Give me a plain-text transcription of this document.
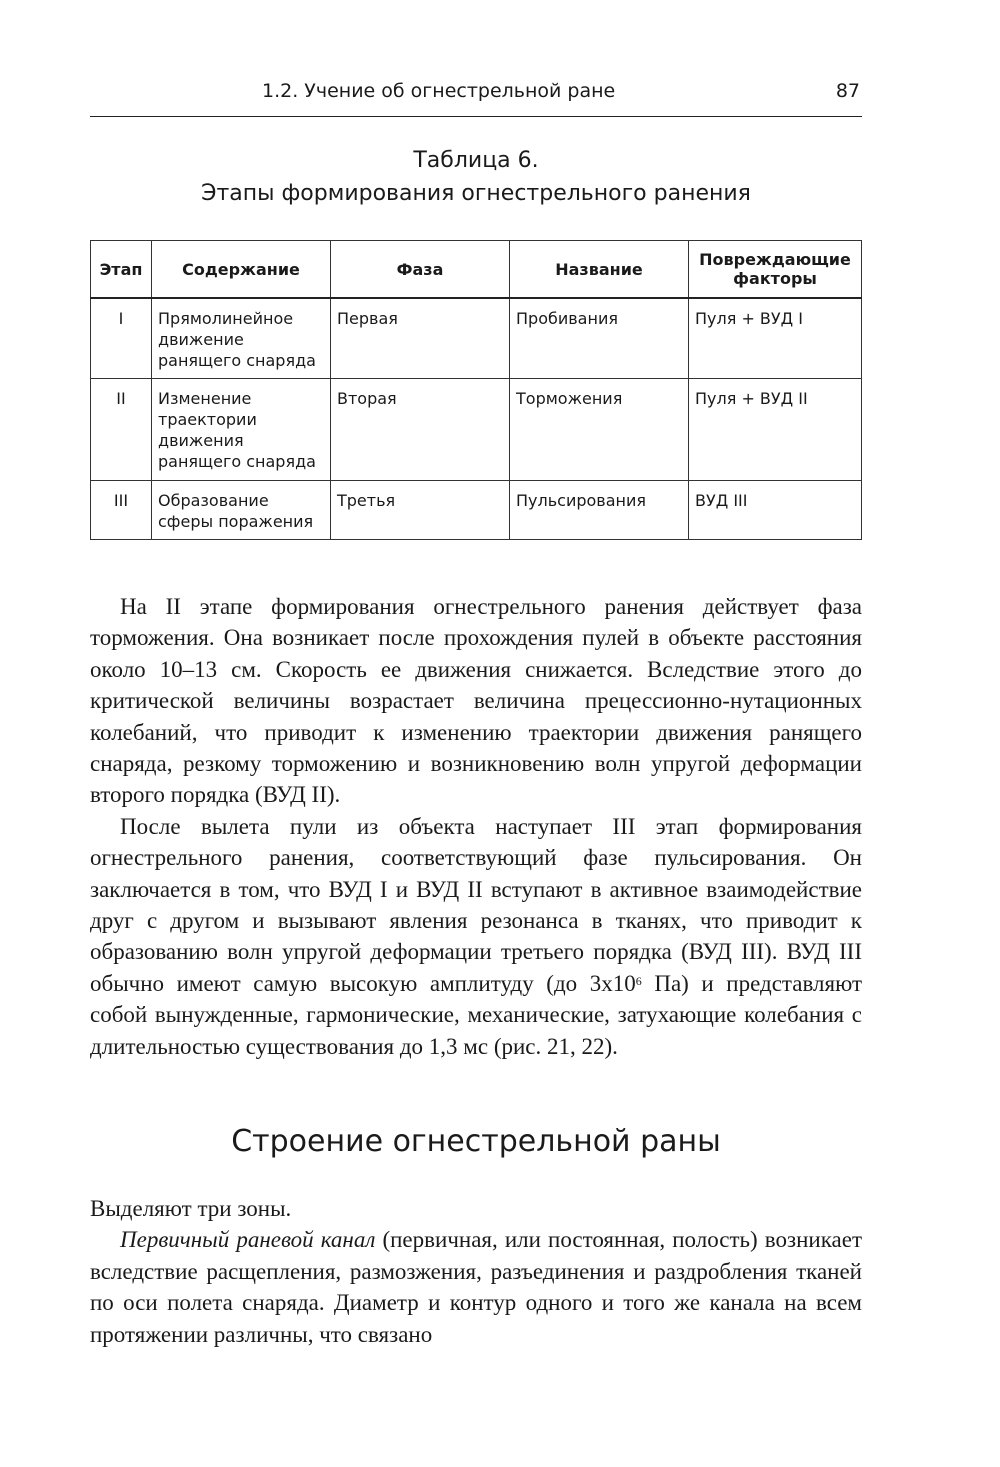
1.2. Учение об огнестрельной ране	87
Таблица 6.
Этапы формирования огнестрельного ранения
Этап	Содержание	Фаза	Название	Повреждающие факторы
I	Прямолинейное движение ранящего снаряда	Первая	Пробивания	Пуля + ВУД I
II	Изменение траектории движения ранящего снаряда	Вторая	Торможения	Пуля + ВУД II
III	Образование сферы поражения	Третья	Пульсирования	ВУД III

На II этапе формирования огнестрельного ранения действует фаза торможения. Она возникает после прохождения пулей в объекте расстояния около 10–13 см. Скорость ее движения снижается. Вследствие этого до критической величины возрастает величина прецессионно-нутационных колебаний, что приводит к изменению траектории движения ранящего снаряда, резкому торможению и возникновению волн упругой деформации второго порядка (ВУД II).

После вылета пули из объекта наступает III этап формирования огнестрельного ранения, соответствующий фазе пульсирования. Он заключается в том, что ВУД I и ВУД II вступают в активное взаимодействие друг с другом и вызывают явления резонанса в тканях, что приводит к образованию волн упругой деформации третьего порядка (ВУД III). ВУД III обычно имеют самую высокую амплитуду (до $3х10^6$ Па) и представляют собой вынужденные, гармонические, механические, затухающие колебания с длительностью существования до 1,3 мс (рис. 21, 22).

Строение огнестрельной раны

Выделяют три зоны.

Первичный раневой канал (первичная, или постоянная, полость) возникает вследствие расщепления, размозжения, разъединения и раздробления тканей по оси полета снаряда. Диаметр и контур одного и того же канала на всем протяжении различны, что связано
